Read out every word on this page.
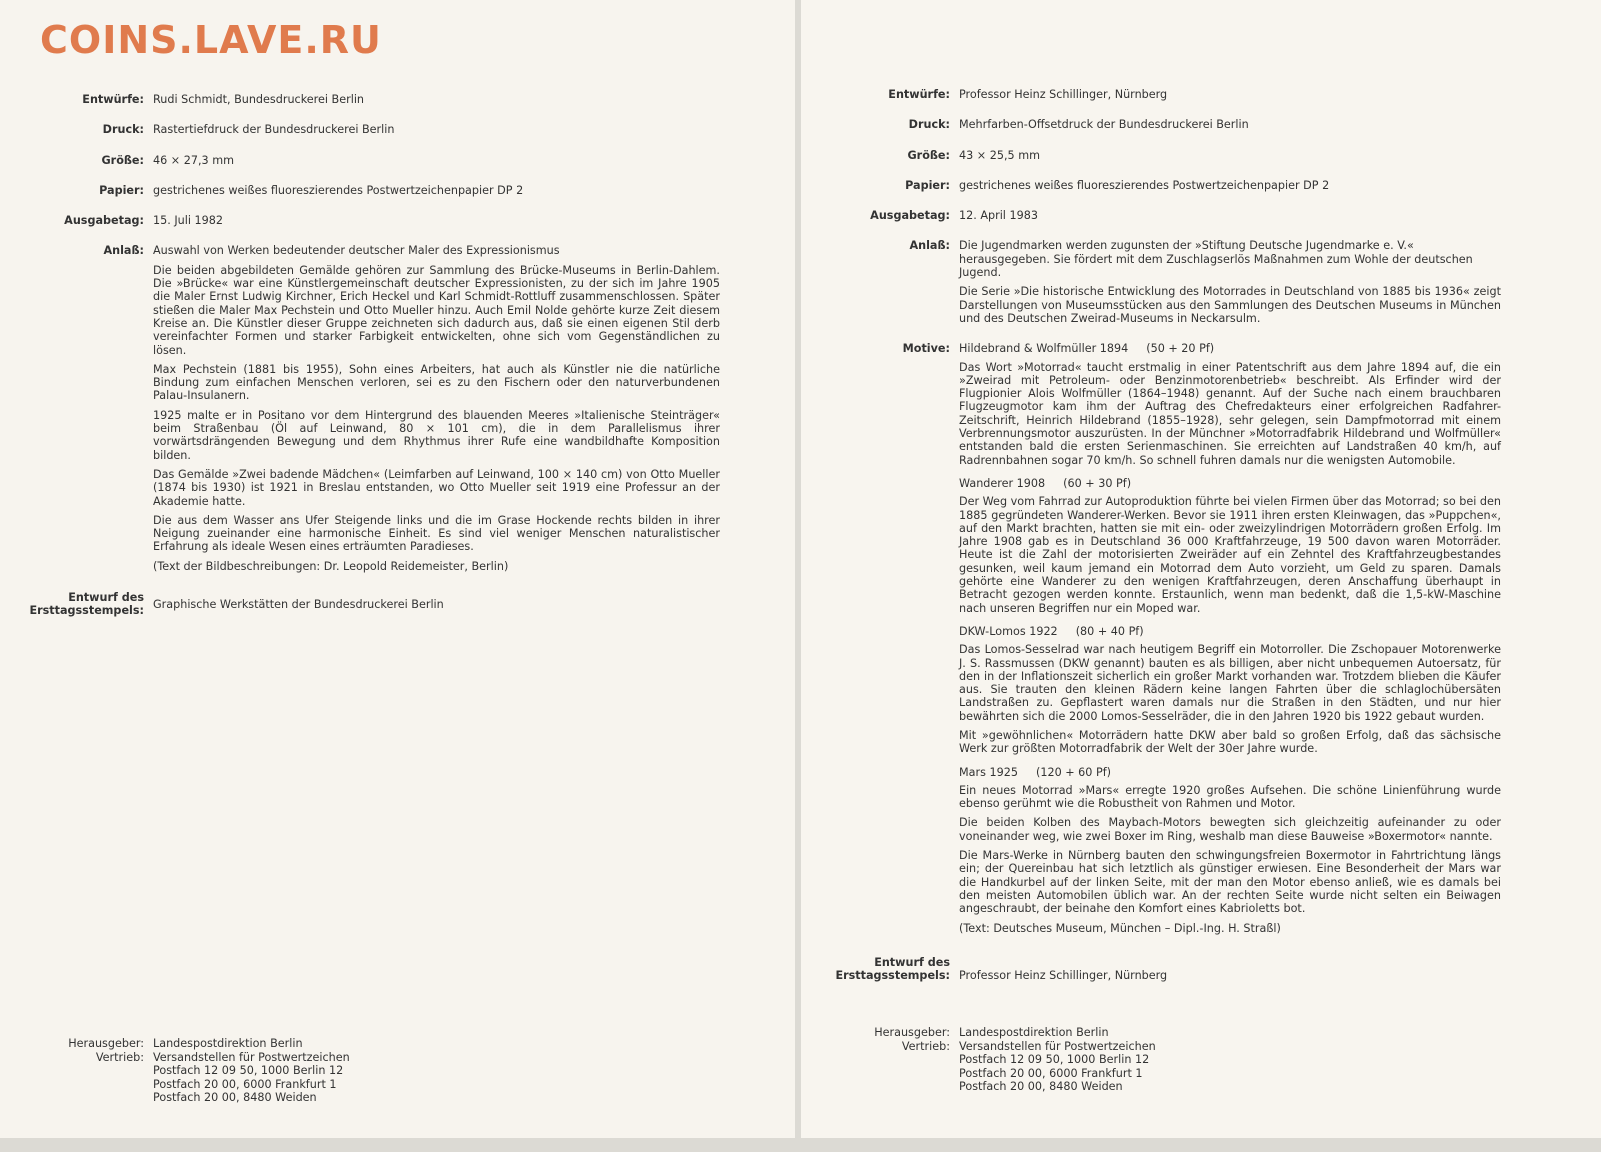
COINS.LAVE.RU
Entwürfe: Rudi Schmidt, Bundesdruckerei Berlin

Druck: Rastertiefdruck der Bundesdruckerei Berlin

Größe: 46 × 27,3 mm

Papier: gestrichenes weißes fluoreszierendes Postwertzeichenpapier DP 2

Ausgabetag: 15. Juli 1982

Anlaß: Auswahl von Werken bedeutender deutscher Maler des Expressionismus

Die beiden abgebildeten Gemälde gehören zur Sammlung des Brücke-Museums in Berlin-Dahlem. Die »Brücke« war eine Künstlergemeinschaft deutscher Expressionisten, zu der sich im Jahre 1905 die Maler Ernst Ludwig Kirchner, Erich Heckel und Karl Schmidt-Rottluff zusammenschlossen. Später stießen die Maler Max Pechstein und Otto Mueller hinzu. Auch Emil Nolde gehörte kurze Zeit diesem Kreise an. Die Künstler dieser Gruppe zeichneten sich dadurch aus, daß sie einen eigenen Stil derb vereinfachter Formen und starker Farbigkeit entwickelten, ohne sich vom Gegenständlichen zu lösen.

Max Pechstein (1881 bis 1955), Sohn eines Arbeiters, hat auch als Künstler nie die natürliche Bindung zum einfachen Menschen verloren, sei es zu den Fischern oder den naturverbundenen Palau-Insulanern.

1925 malte er in Positano vor dem Hintergrund des blauenden Meeres »Italienische Steinträger« beim Straßenbau (Öl auf Leinwand, 80 × 101 cm), die in dem Parallelismus ihrer vorwärtsdrängenden Bewegung und dem Rhythmus ihrer Rufe eine wandbildhafte Komposition bilden.

Das Gemälde »Zwei badende Mädchen« (Leimfarben auf Leinwand, 100 × 140 cm) von Otto Mueller (1874 bis 1930) ist 1921 in Breslau entstanden, wo Otto Mueller seit 1919 eine Professur an der Akademie hatte.

Die aus dem Wasser ans Ufer Steigende links und die im Grase Hockende rechts bilden in ihrer Neigung zueinander eine harmonische Einheit. Es sind viel weniger Menschen naturalistischer Erfahrung als ideale Wesen eines erträumten Paradieses.

(Text der Bildbeschreibungen: Dr. Leopold Reidemeister, Berlin)

Entwurf des Ersttagsstempels: Graphische Werkstätten der Bundesdruckerei Berlin

Herausgeber:
Vertrieb:
Landespostdirektion Berlin
Versandstellen für Postwertzeichen
Postfach 12 09 50, 1000 Berlin 12
Postfach 20 00, 6000 Frankfurt 1
Postfach 20 00, 8480 Weiden
Entwürfe: Professor Heinz Schillinger, Nürnberg

Druck: Mehrfarben-Offsetdruck der Bundesdruckerei Berlin

Größe: 43 × 25,5 mm

Papier: gestrichenes weißes fluoreszierendes Postwertzeichenpapier DP 2

Ausgabetag: 12. April 1983

Anlaß: Die Jugendmarken werden zugunsten der »Stiftung Deutsche Jugendmarke e. V.« herausgegeben. Sie fördert mit dem Zuschlagserlös Maßnahmen zum Wohle der deutschen Jugend.

Die Serie »Die historische Entwicklung des Motorrades in Deutschland von 1885 bis 1936« zeigt Darstellungen von Museumsstücken aus den Sammlungen des Deutschen Museums in München und des Deutschen Zweirad-Museums in Neckarsulm.

Motive: Hildebrand & Wolfmüller 1894 (50 + 20 Pf)

Das Wort »Motorrad« taucht erstmalig in einer Patentschrift aus dem Jahre 1894 auf, die ein »Zweirad mit Petroleum- oder Benzinmotorenbetrieb« beschreibt. Als Erfinder wird der Flugpionier Alois Wolfmüller (1864–1948) genannt. Auf der Suche nach einem brauchbaren Flugzeugmotor kam ihm der Auftrag des Chefredakteurs einer erfolgreichen Radfahrer-Zeitschrift, Heinrich Hildebrand (1855–1928), sehr gelegen, sein Dampfmotorrad mit einem Verbrennungsmotor auszurüsten. In der Münchner »Motorradfabrik Hildebrand und Wolfmüller« entstanden bald die ersten Serienmaschinen. Sie erreichten auf Landstraßen 40 km/h, auf Radrennbahnen sogar 70 km/h. So schnell fuhren damals nur die wenigsten Automobile.

Wanderer 1908 (60 + 30 Pf)

Der Weg vom Fahrrad zur Autoproduktion führte bei vielen Firmen über das Motorrad; so bei den 1885 gegründeten Wanderer-Werken. Bevor sie 1911 ihren ersten Kleinwagen, das »Puppchen«, auf den Markt brachten, hatten sie mit ein- oder zweizylindrigen Motorrädern großen Erfolg. Im Jahre 1908 gab es in Deutschland 36 000 Kraftfahrzeuge, 19 500 davon waren Motorräder. Heute ist die Zahl der motorisierten Zweiräder auf ein Zehntel des Kraftfahrzeugbestandes gesunken, weil kaum jemand ein Motorrad dem Auto vorzieht, um Geld zu sparen. Damals gehörte eine Wanderer zu den wenigen Kraftfahrzeugen, deren Anschaffung überhaupt in Betracht gezogen werden konnte. Erstaunlich, wenn man bedenkt, daß die 1,5-kW-Maschine nach unseren Begriffen nur ein Moped war.

DKW-Lomos 1922 (80 + 40 Pf)

Das Lomos-Sesselrad war nach heutigem Begriff ein Motorroller. Die Zschopauer Motorenwerke J. S. Rassmussen (DKW genannt) bauten es als billigen, aber nicht unbequemen Autoersatz, für den in der Inflationszeit sicherlich ein großer Markt vorhanden war. Trotzdem blieben die Käufer aus. Sie trauten den kleinen Rädern keine langen Fahrten über die schlaglochübersäten Landstraßen zu. Gepflastert waren damals nur die Straßen in den Städten, und nur hier bewährten sich die 2000 Lomos-Sesselräder, die in den Jahren 1920 bis 1922 gebaut wurden.

Mit »gewöhnlichen« Motorrädern hatte DKW aber bald so großen Erfolg, daß das sächsische Werk zur größten Motorradfabrik der Welt der 30er Jahre wurde.

Mars 1925 (120 + 60 Pf)

Ein neues Motorrad »Mars« erregte 1920 großes Aufsehen. Die schöne Linienführung wurde ebenso gerühmt wie die Robustheit von Rahmen und Motor.

Die beiden Kolben des Maybach-Motors bewegten sich gleichzeitig aufeinander zu oder voneinander weg, wie zwei Boxer im Ring, weshalb man diese Bauweise »Boxermotor« nannte.

Die Mars-Werke in Nürnberg bauten den schwingungsfreien Boxermotor in Fahrtrichtung längs ein; der Quereinbau hat sich letztlich als günstiger erwiesen. Eine Besonderheit der Mars war die Handkurbel auf der linken Seite, mit der man den Motor ebenso anließ, wie es damals bei den meisten Automobilen üblich war. An der rechten Seite wurde nicht selten ein Beiwagen angeschraubt, der beinahe den Komfort eines Kabrioletts bot.

(Text: Deutsches Museum, München – Dipl.-Ing. H. Straßl)

Entwurf des Ersttagsstempels: Professor Heinz Schillinger, Nürnberg
Herausgeber:
Vertrieb:
Landespostdirektion Berlin
Versandstellen für Postwertzeichen
Postfach 12 09 50, 1000 Berlin 12
Postfach 20 00, 6000 Frankfurt 1
Postfach 20 00, 8480 Weiden
